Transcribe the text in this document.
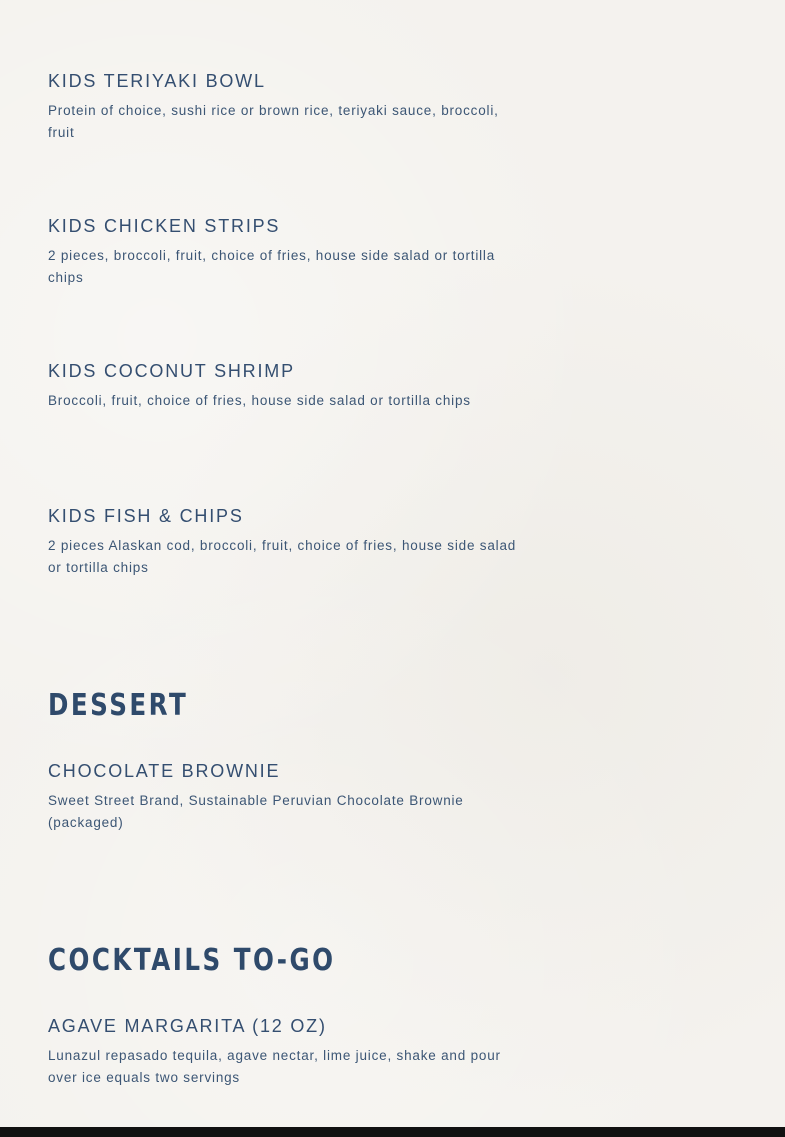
KIDS TERIYAKI BOWL

Protein of choice, sushi rice or brown rice, teriyaki sauce, broccoli, fruit

KIDS CHICKEN STRIPS

2 pieces, broccoli, fruit, choice of fries, house side salad or tortilla chips

KIDS COCONUT SHRIMP

Broccoli, fruit, choice of fries, house side salad or tortilla chips

KIDS FISH & CHIPS

2 pieces Alaskan cod, broccoli, fruit, choice of fries, house side salad or tortilla chips

DESSERT
CHOCOLATE BROWNIE

Sweet Street Brand, Sustainable Peruvian Chocolate Brownie (packaged)

COCKTAILS TO-GO
AGAVE MARGARITA (12 OZ)

Lunazul repasado tequila, agave nectar, lime juice, shake and pour over ice equals two servings
